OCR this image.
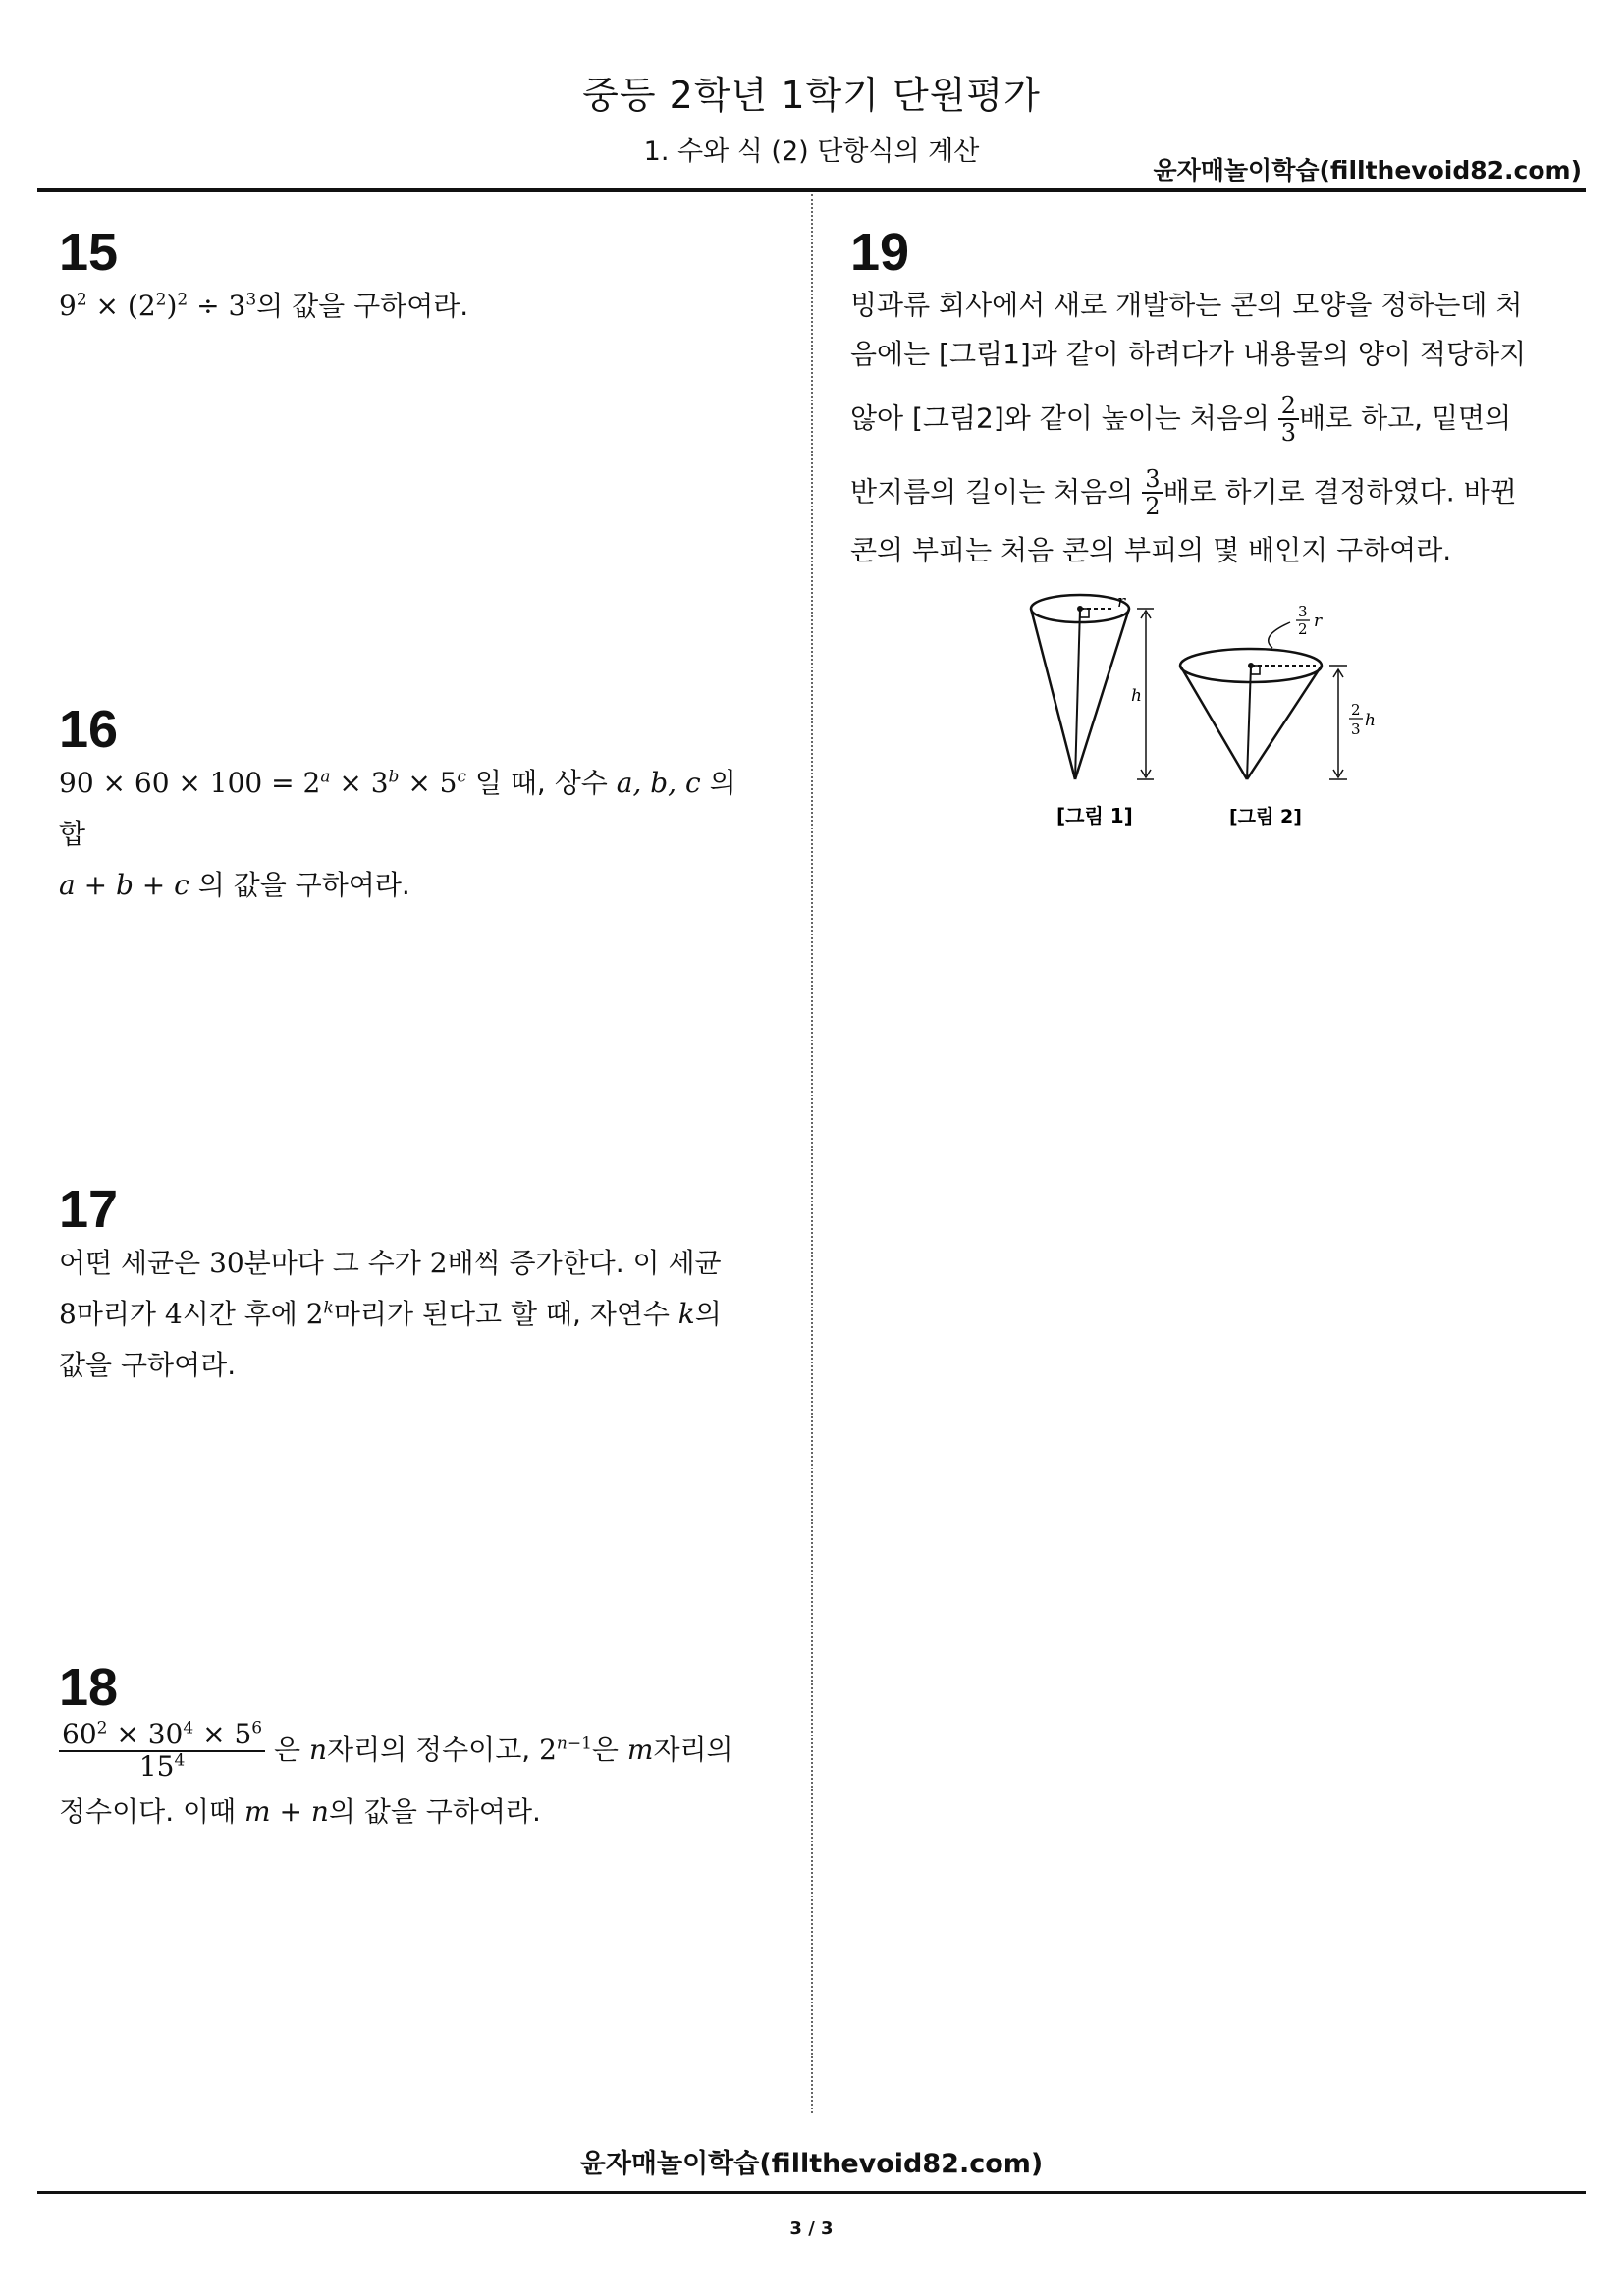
중등 2학년 1학기 단원평가
1. 수와 식 (2) 단항식의 계산
윤자매놀이학습(fillthevoid82.com)
15
$9^2 \times (2^2)^2 \div 3^3$의 값을 구하여라.
16
$90 \times 60 \times 100 = 2^a \times 3^b \times 5^c$ 일 때, 상수 a, b, c 의 합
a + b + c 의 값을 구하여라.
17
어떤 세균은 30분마다 그 수가 2배씩 증가한다. 이 세균
8마리가 4시간 후에 2$^k$마리가 된다고 할 때, 자연수 k의
값을 구하여라.
18
$\frac{60^2 \times 30^4 \times 5^6}{15^4}$ 은 n자리의 정수이고, $2^{n-1}$은 m자리의
정수이다. 이때 m + n의 값을 구하여라.
19
빙과류 회사에서 새로 개발하는 콘의 모양을 정하는데 처
음에는 [그림1]과 같이 하려다가 내용물의 양이 적당하지
않아 [그림2]와 같이 높이는 처음의 $\frac{2}{3}$ 배로 하고, 밑면의
반지름의 길이는 처음의 $\frac{3}{2}$ 배로 하기로 결정하였다. 바뀐
콘의 부피는 처음 콘의 부피의 몇 배인지 구하여라.
r
h
3
2 r
2
3 h
[그림 1]	[그림 2]
윤자매놀이학습(fillthevoid82.com)
3 / 3
